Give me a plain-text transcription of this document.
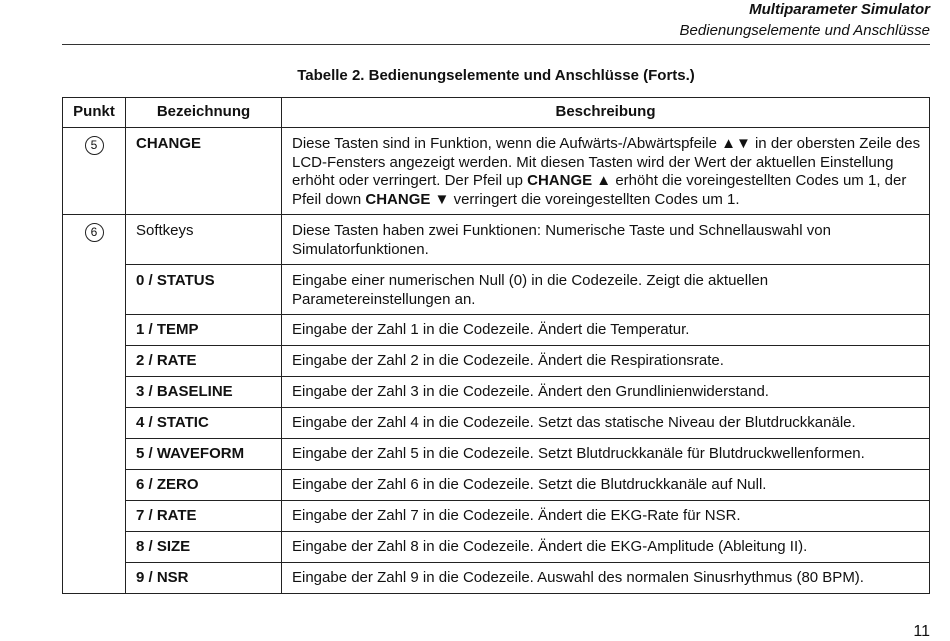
Multiparameter Simulator
Bedienungselemente und Anschlüsse
Tabelle 2. Bedienungselemente und Anschlüsse (Forts.)
Punkt	Bezeichnung	Beschreibung
5	CHANGE	Diese Tasten sind in Funktion, wenn die Aufwärts-/Abwärtspfeile ▲▼ in der obersten Zeile des LCD-Fensters angezeigt werden. Mit diesen Tasten wird der Wert der aktuellen Einstellung erhöht oder verringert. Der Pfeil up CHANGE ▲ erhöht die voreingestellten Codes um 1, der Pfeil down CHANGE ▼ verringert die voreingestellten Codes um 1.
6	Softkeys	Diese Tasten haben zwei Funktionen: Numerische Taste und Schnellauswahl von Simulatorfunktionen.
	0 / STATUS	Eingabe einer numerischen Null (0) in die Codezeile. Zeigt die aktuellen Parametereinstellungen an.
	1 / TEMP	Eingabe der Zahl 1 in die Codezeile. Ändert die Temperatur.
	2 / RATE	Eingabe der Zahl 2 in die Codezeile. Ändert die Respirationsrate.
	3 / BASELINE	Eingabe der Zahl 3 in die Codezeile. Ändert den Grundlinienwiderstand.
	4 / STATIC	Eingabe der Zahl 4 in die Codezeile. Setzt das statische Niveau der Blutdruckkanäle.
	5 / WAVEFORM	Eingabe der Zahl 5 in die Codezeile. Setzt Blutdruckkanäle für Blutdruckwellenformen.
	6 / ZERO	Eingabe der Zahl 6 in die Codezeile. Setzt die Blutdruckkanäle auf Null.
	7 / RATE	Eingabe der Zahl 7 in die Codezeile. Ändert die EKG-Rate für NSR.
	8 / SIZE	Eingabe der Zahl 8 in die Codezeile. Ändert die EKG-Amplitude (Ableitung II).
	9 / NSR	Eingabe der Zahl 9 in die Codezeile. Auswahl des normalen Sinusrhythmus (80 BPM).
11
